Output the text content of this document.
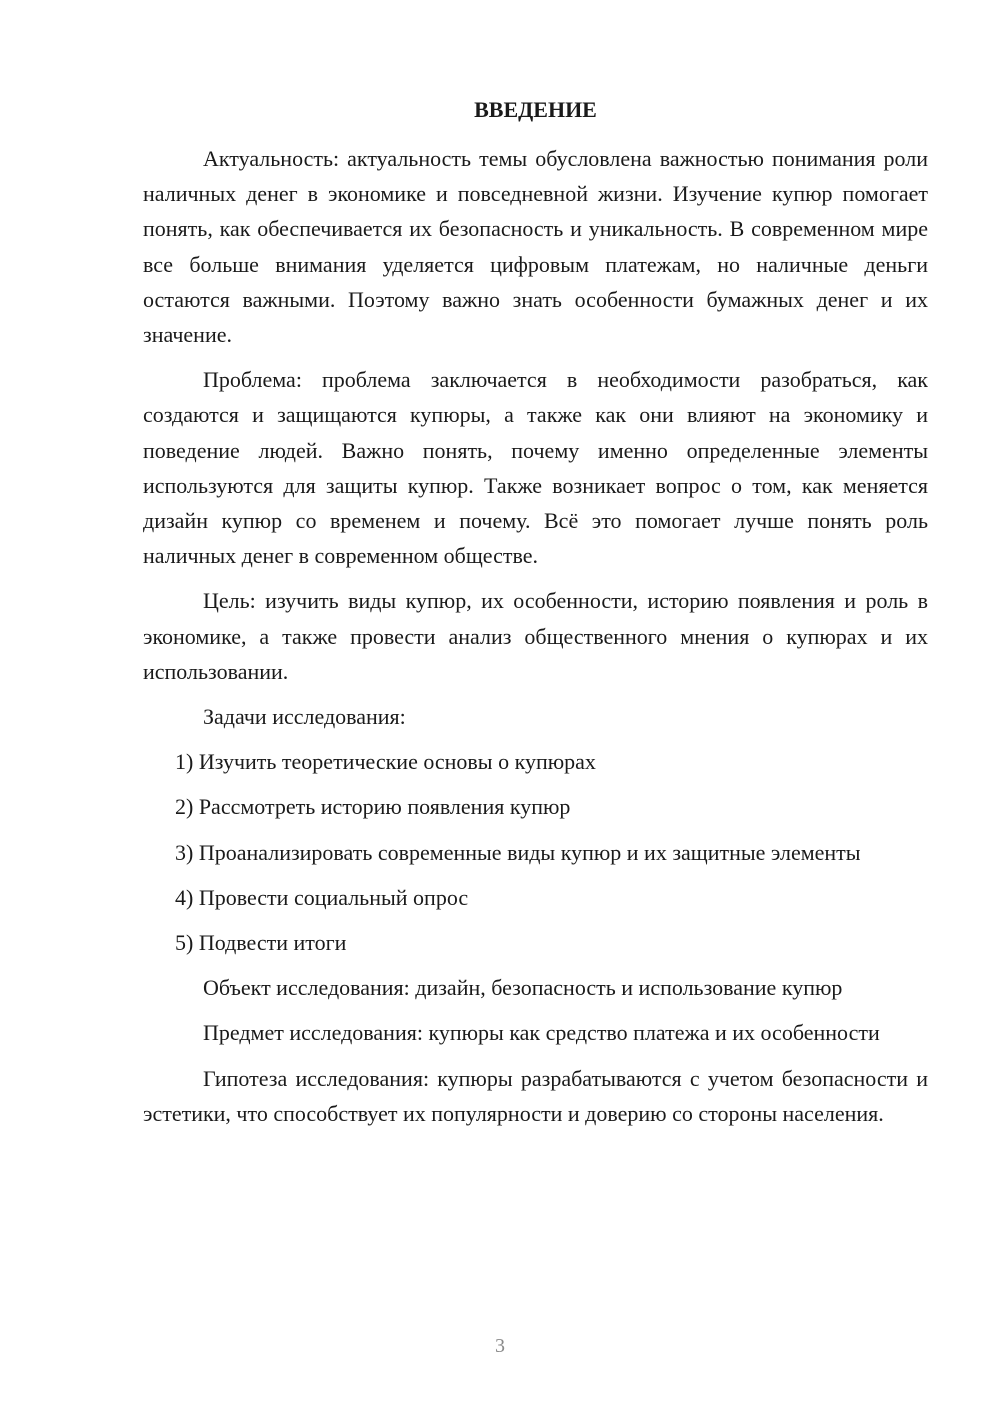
ВВЕДЕНИЕ

Актуальность: актуальность темы обусловлена важностью понимания роли наличных денег в экономике и повседневной жизни. Изучение купюр помогает понять, как обеспечивается их безопасность и уникальность. В современном мире все больше внимания уделяется цифровым платежам, но наличные деньги остаются важными. Поэтому важно знать особенности бумажных денег и их значение.

Проблема: проблема заключается в необходимости разобраться, как создаются и защищаются купюры, а также как они влияют на экономику и поведение людей. Важно понять, почему именно определенные элементы используются для защиты купюр. Также возникает вопрос о том, как меняется дизайн купюр со временем и почему. Всё это помогает лучше понять роль наличных денег в современном обществе.

Цель: изучить виды купюр, их особенности, историю появления и роль в экономике, а также провести анализ общественного мнения о купюрах и их использовании.

Задачи исследования:

1) Изучить теоретические основы о купюрах

2) Рассмотреть историю появления купюр

3) Проанализировать современные виды купюр и их защитные элементы

4) Провести социальный опрос

5) Подвести итоги

Объект исследования: дизайн, безопасность и использование купюр

Предмет исследования: купюры как средство платежа и их особенности

Гипотеза исследования: купюры разрабатываются с учетом безопасности и эстетики, что способствует их популярности и доверию со стороны населения.

3
